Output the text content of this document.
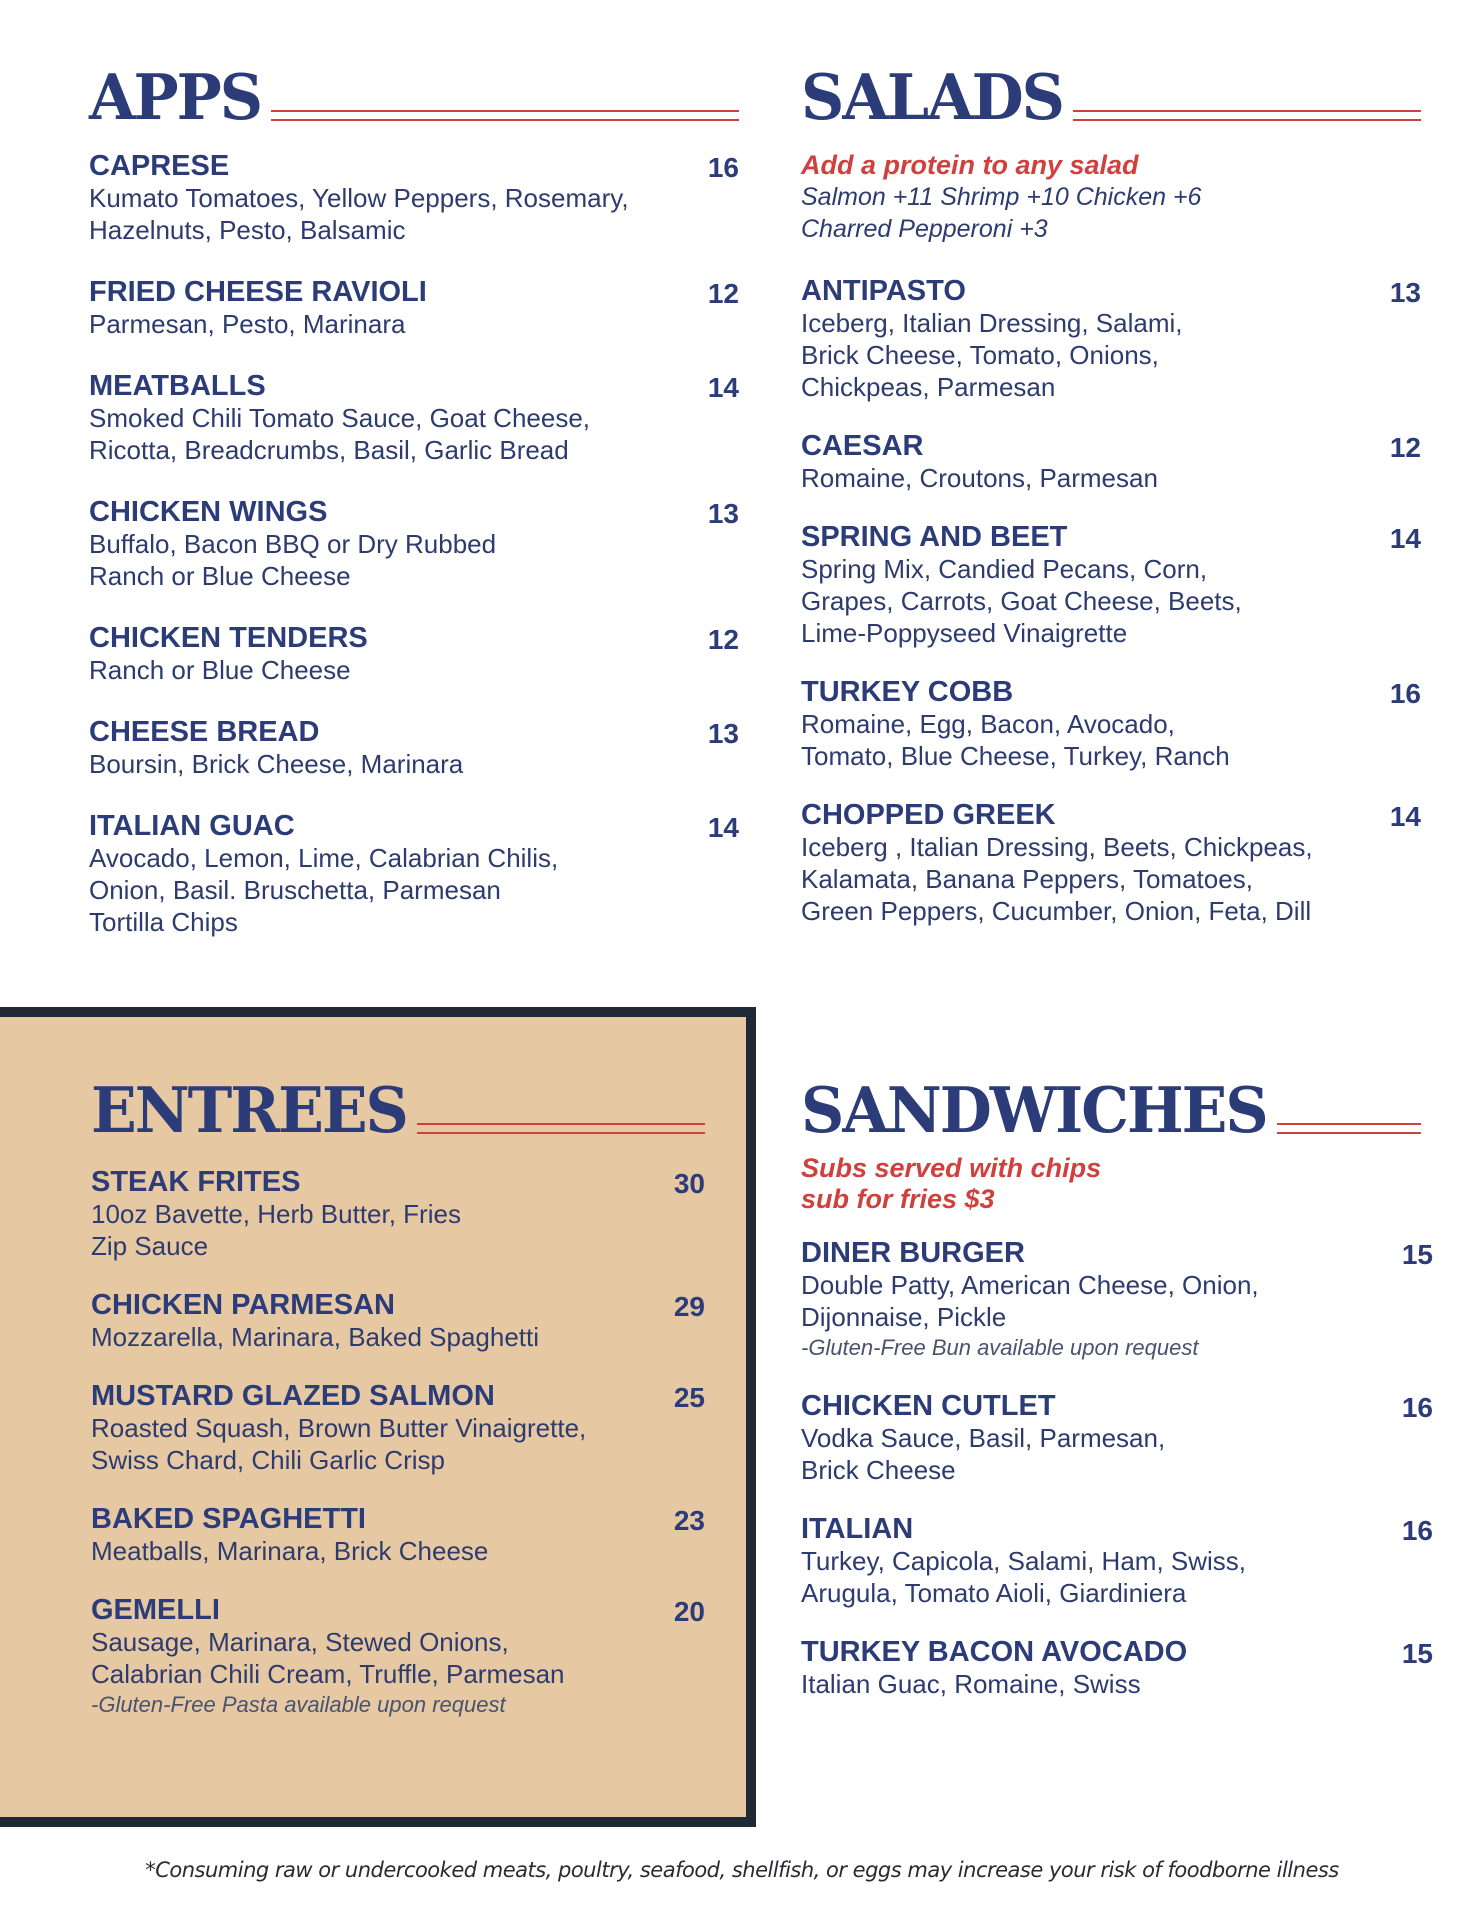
APPS
CAPRESE	16
Kumato Tomatoes, Yellow Peppers, Rosemary,
Hazelnuts, Pesto, Balsamic
FRIED CHEESE RAVIOLI	12
Parmesan, Pesto, Marinara
MEATBALLS	14
Smoked Chili Tomato Sauce, Goat Cheese,
Ricotta, Breadcrumbs, Basil, Garlic Bread
CHICKEN WINGS	13
Buffalo, Bacon BBQ or Dry Rubbed
Ranch or Blue Cheese
CHICKEN TENDERS	12
Ranch or Blue Cheese
CHEESE BREAD	13
Boursin, Brick Cheese, Marinara
ITALIAN GUAC	14
Avocado, Lemon, Lime, Calabrian Chilis,
Onion, Basil. Bruschetta, Parmesan
Tortilla Chips
SALADS
Add a protein to any salad
Salmon +11 Shrimp +10 Chicken +6
Charred Pepperoni +3
ANTIPASTO	13
Iceberg, Italian Dressing, Salami,
Brick Cheese, Tomato, Onions,
Chickpeas, Parmesan
CAESAR	12
Romaine, Croutons, Parmesan
SPRING AND BEET	14
Spring Mix, Candied Pecans, Corn,
Grapes, Carrots, Goat Cheese, Beets,
Lime-Poppyseed Vinaigrette
TURKEY COBB	16
Romaine, Egg, Bacon, Avocado,
Tomato, Blue Cheese, Turkey, Ranch
CHOPPED GREEK	14
Iceberg , Italian Dressing, Beets, Chickpeas,
Kalamata, Banana Peppers, Tomatoes,
Green Peppers, Cucumber, Onion, Feta, Dill
ENTREES
STEAK FRITES	30
10oz Bavette, Herb Butter, Fries
Zip Sauce
CHICKEN PARMESAN	29
Mozzarella, Marinara, Baked Spaghetti
MUSTARD GLAZED SALMON	25
Roasted Squash, Brown Butter Vinaigrette,
Swiss Chard, Chili Garlic Crisp
BAKED SPAGHETTI	23
Meatballs, Marinara, Brick Cheese
GEMELLI	20
Sausage, Marinara, Stewed Onions,
Calabrian Chili Cream, Truffle, Parmesan
-Gluten-Free Pasta available upon request
SANDWICHES
Subs served with chips
sub for fries $3
DINER BURGER	15
Double Patty, American Cheese, Onion,
Dijonnaise, Pickle
-Gluten-Free Bun available upon request
CHICKEN CUTLET	16
Vodka Sauce, Basil, Parmesan,
Brick Cheese
ITALIAN	16
Turkey, Capicola, Salami, Ham, Swiss,
Arugula, Tomato Aioli, Giardiniera
TURKEY BACON AVOCADO	15
Italian Guac, Romaine, Swiss
*Consuming raw or undercooked meats, poultry, seafood, shellfish, or eggs may increase your risk of foodborne illness
